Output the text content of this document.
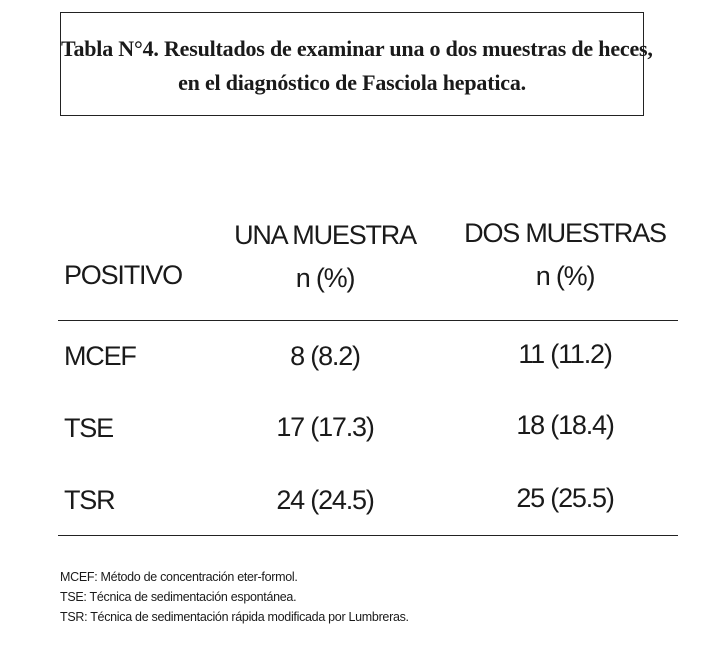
Tabla N°4. Resultados de examinar una o dos muestras de heces,
en el diagnóstico de Fasciola hepatica.
UNA MUESTRA DOS MUESTRAS
POSITIVO	n (%)	n (%)
MCEF	8 (8.2)	11 (11.2)
TSE	17 (17.3)	18 (18.4)
TSR	24 (24.5)	25 (25.5)
MCEF: Método de concentración eter-formol.
TSE: Técnica de sedimentación espontánea.
TSR: Técnica de sedimentación rápida modificada por Lumbreras.
